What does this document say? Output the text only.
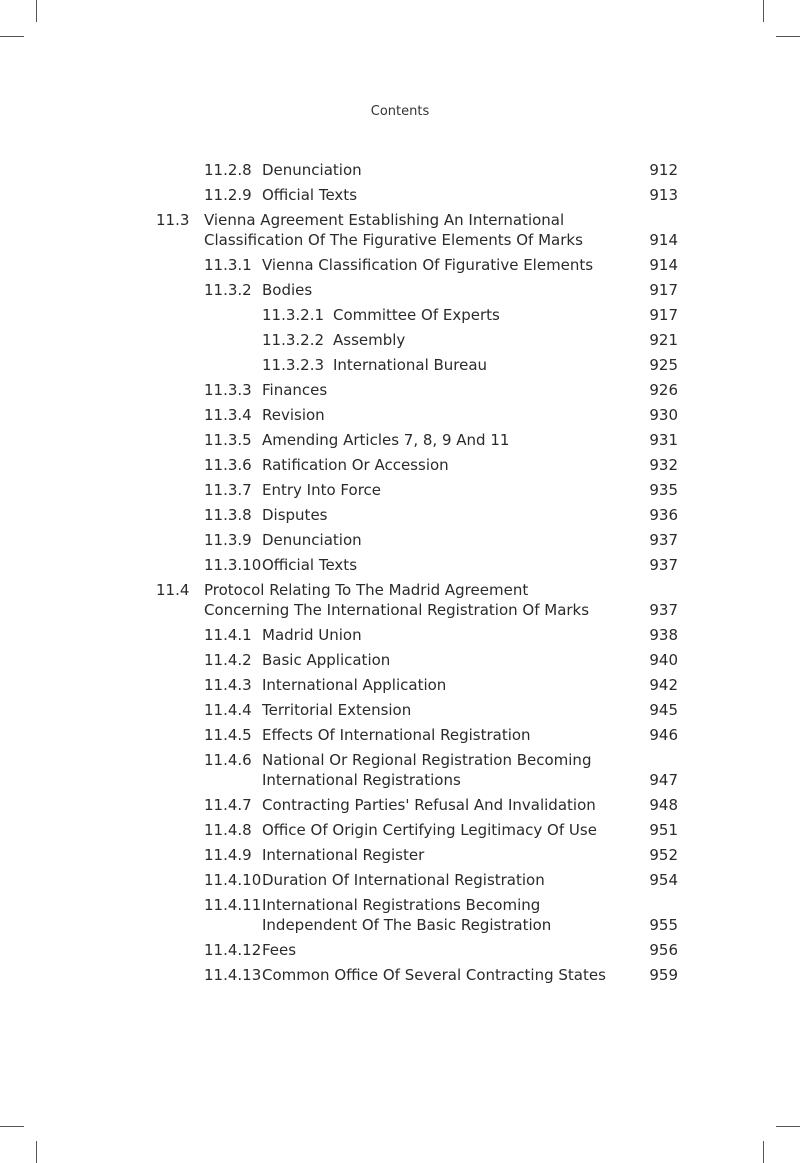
Contents
11.2.8 Denunciation	912
11.2.9 Official Texts	913
11.3 Vienna Agreement Establishing An International
Classification Of The Figurative Elements Of Marks	914
11.3.1 Vienna Classification Of Figurative Elements	914
11.3.2 Bodies	917
11.3.2.1 Committee Of Experts	917
11.3.2.2 Assembly	921
11.3.2.3 International Bureau	925
11.3.3 Finances	926
11.3.4 Revision	930
11.3.5 Amending Articles 7, 8, 9 And 11	931
11.3.6 Ratification Or Accession	932
11.3.7 Entry Into Force	935
11.3.8 Disputes	936
11.3.9 Denunciation	937
11.3.10 Official Texts	937
11.4 Protocol Relating To The Madrid Agreement
Concerning The International Registration Of Marks	937
11.4.1 Madrid Union	938
11.4.2 Basic Application	940
11.4.3 International Application	942
11.4.4 Territorial Extension	945
11.4.5 Effects Of International Registration	946
11.4.6 National Or Regional Registration Becoming
International Registrations	947
11.4.7 Contracting Parties' Refusal And Invalidation	948
11.4.8 Office Of Origin Certifying Legitimacy Of Use	951
11.4.9 International Register	952
11.4.10 Duration Of International Registration	954
11.4.11 International Registrations Becoming
Independent Of The Basic Registration	955
11.4.12 Fees	956
11.4.13 Common Office Of Several Contracting States	959
